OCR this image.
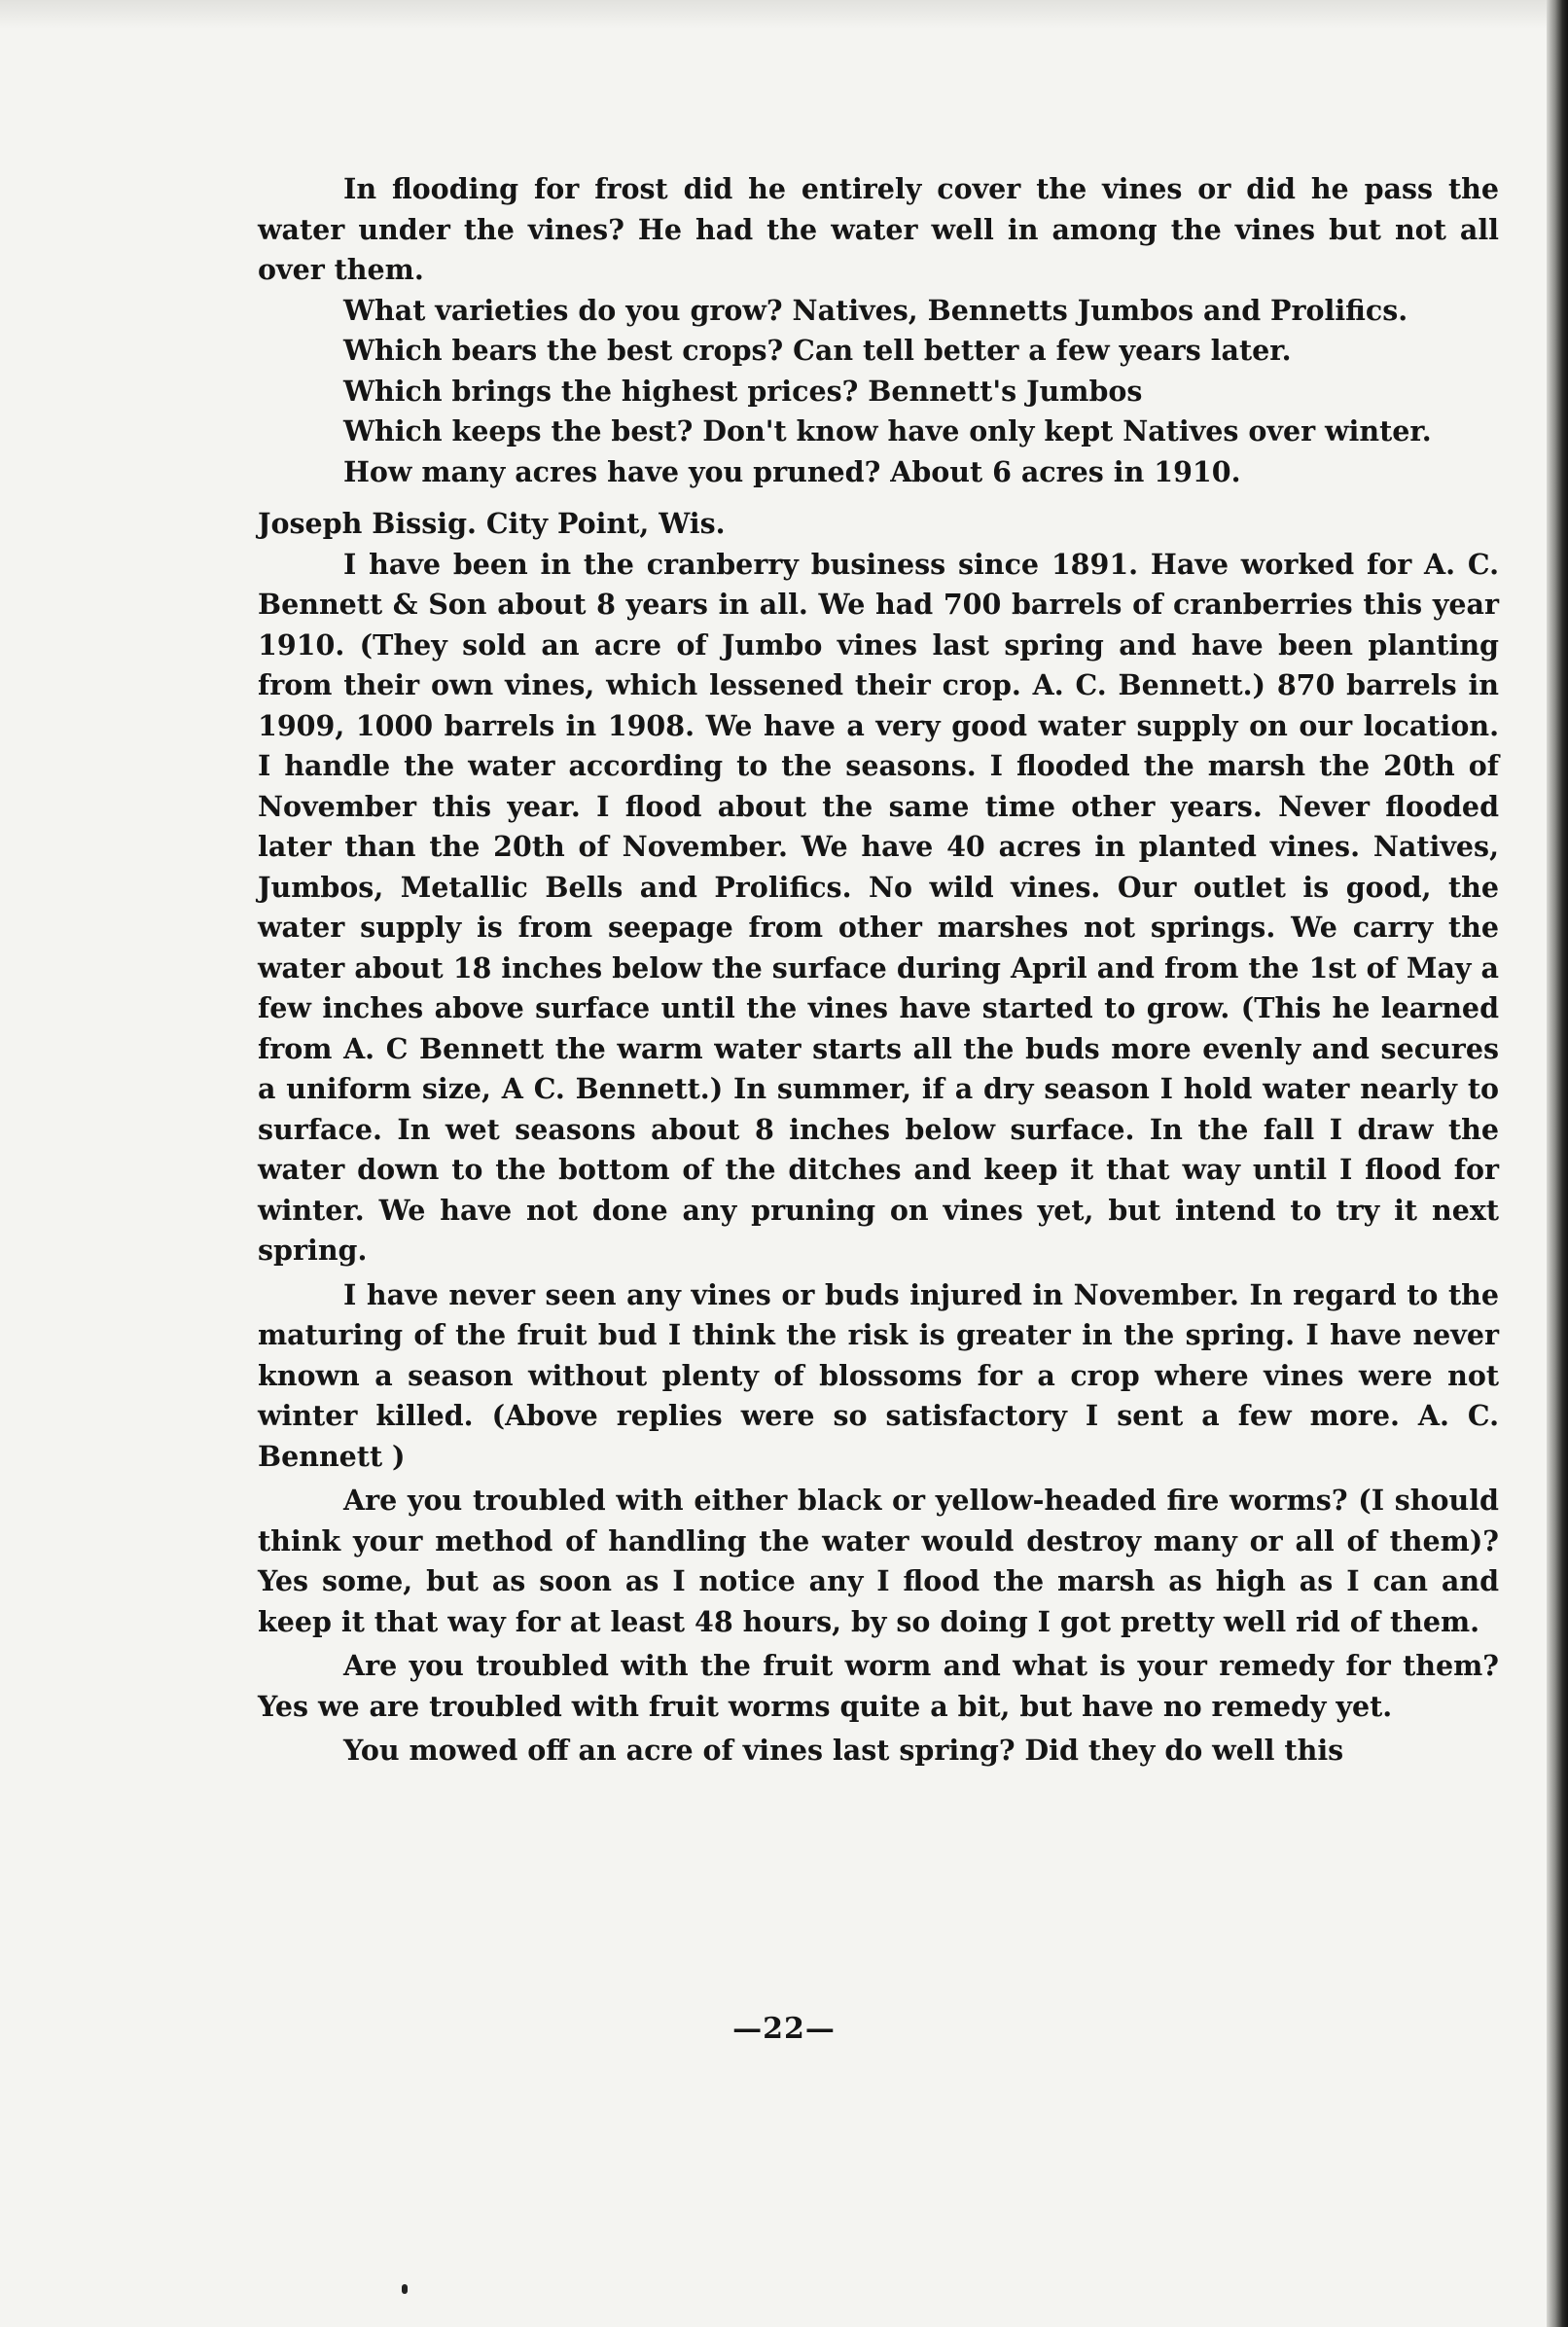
In flooding for frost did he entirely cover the vines or did he pass the water under the vines? He had the water well in among the vines but not all over them.

What varieties do you grow? Natives, Bennetts Jumbos and Prolifics.

Which bears the best crops? Can tell better a few years later.

Which brings the highest prices? Bennett's Jumbos

Which keeps the best? Don't know have only kept Natives over winter.

How many acres have you pruned? About 6 acres in 1910.

Joseph Bissig. City Point, Wis.

I have been in the cranberry business since 1891. Have worked for A. C. Bennett & Son about 8 years in all. We had 700 barrels of cranberries this year 1910. (They sold an acre of Jumbo vines last spring and have been planting from their own vines, which lessened their crop. A. C. Bennett.) 870 barrels in 1909, 1000 barrels in 1908. We have a very good water supply on our location. I handle the water according to the seasons. I flooded the marsh the 20th of November this year. I flood about the same time other years. Never flooded later than the 20th of November. We have 40 acres in planted vines. Natives, Jumbos, Metallic Bells and Prolifics. No wild vines. Our outlet is good, the water supply is from seepage from other marshes not springs. We carry the water about 18 inches below the surface during April and from the 1st of May a few inches above surface until the vines have started to grow. (This he learned from A. C Bennett the warm water starts all the buds more evenly and secures a uniform size, A C. Bennett.) In summer, if a dry season I hold water nearly to surface. In wet seasons about 8 inches below surface. In the fall I draw the water down to the bottom of the ditches and keep it that way until I flood for winter. We have not done any pruning on vines yet, but intend to try it next spring.

I have never seen any vines or buds injured in November. In regard to the maturing of the fruit bud I think the risk is greater in the spring. I have never known a season without plenty of blossoms for a crop where vines were not winter killed. (Above replies were so satisfactory I sent a few more. A. C. Bennett )

Are you troubled with either black or yellow-headed fire worms? (I should think your method of handling the water would destroy many or all of them)? Yes some, but as soon as I notice any I flood the marsh as high as I can and keep it that way for at least 48 hours, by so doing I got pretty well rid of them.

Are you troubled with the fruit worm and what is your remedy for them? Yes we are troubled with fruit worms quite a bit, but have no remedy yet.

You mowed off an acre of vines last spring? Did they do well this

—22—
